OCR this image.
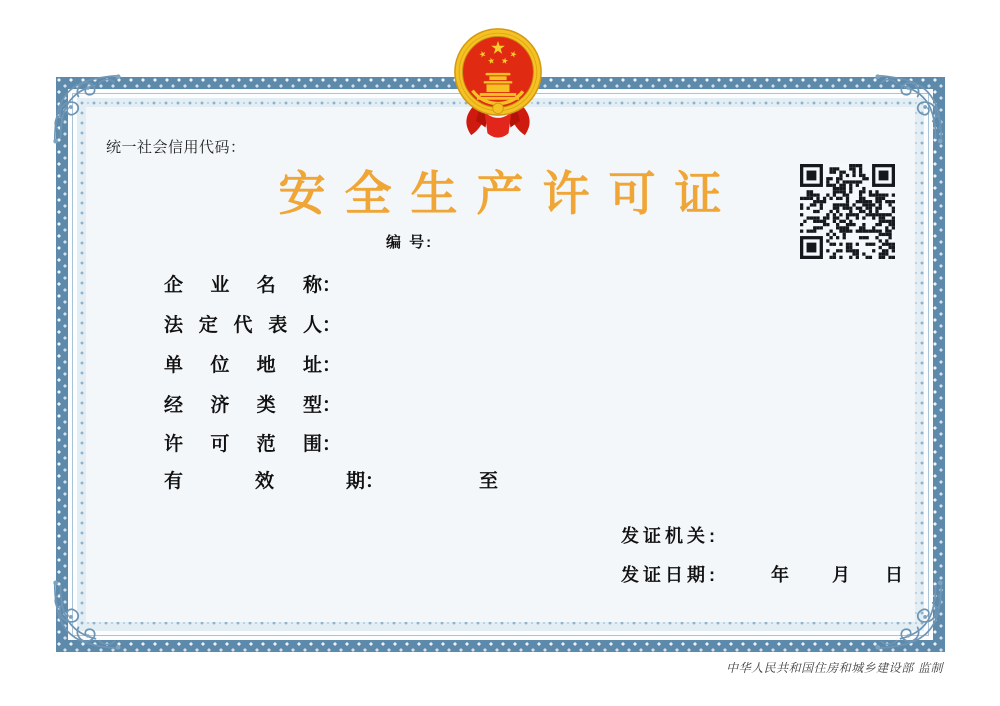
统一社会信用代码：
安全生产许可证
编 号:
企业名称：
法定代表人：
单位地址：
经济类型：
许可范围：
有效期：	至
发证机关:
发证日期:	年 月 日
中华人民共和国住房和城乡建设部 监制
